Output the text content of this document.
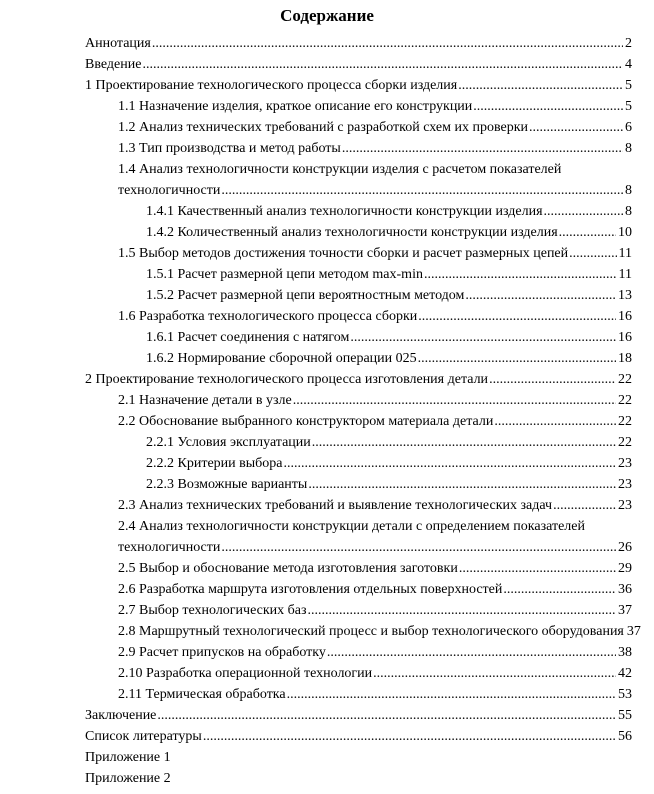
Содержание
Аннотация .....	2
Введение .....	4
1 Проектирование технологического процесса сборки изделия .....	5
1.1 Назначение изделия, краткое описание его конструкции .....	5
1.2 Анализ технических требований с разработкой схем их проверки .....	6
1.3 Тип производства и метод работы .....	8
1.4 Анализ технологичности конструкции изделия с расчетом показателей
технологичности .....	8
1.4.1 Качественный анализ технологичности конструкции изделия .....	8
1.4.2 Количественный анализ технологичности конструкции изделия .....	10
1.5 Выбор методов достижения точности сборки и расчет размерных цепей .....	11
1.5.1 Расчет размерной цепи методом max-min .....	11
1.5.2 Расчет размерной цепи вероятностным методом .....	13
1.6 Разработка технологического процесса сборки .....	16
1.6.1 Расчет соединения с натягом .....	16
1.6.2 Нормирование сборочной операции 025 .....	18
2 Проектирование технологического процесса изготовления детали .....	22
2.1 Назначение детали в узле .....	22
2.2 Обоснование выбранного конструктором материала детали .....	22
2.2.1 Условия эксплуатации .....	22
2.2.2 Критерии выбора .....	23
2.2.3 Возможные варианты .....	23
2.3 Анализ технических требований и выявление технологических задач .....	23
2.4 Анализ технологичности конструкции детали с определением показателей
технологичности .....	26
2.5 Выбор и обоснование метода изготовления заготовки .....	29
2.6 Разработка маршрута изготовления отдельных поверхностей .....	36
2.7 Выбор технологических баз .....	37
2.8 Маршрутный технологический процесс и выбор технологического оборудования 37
2.9 Расчет припусков на обработку .....	38
2.10 Разработка операционной технологии .....	42
2.11 Термическая обработка .....	53
Заключение .....	55
Список литературы .....	56
Приложение 1
Приложение 2
